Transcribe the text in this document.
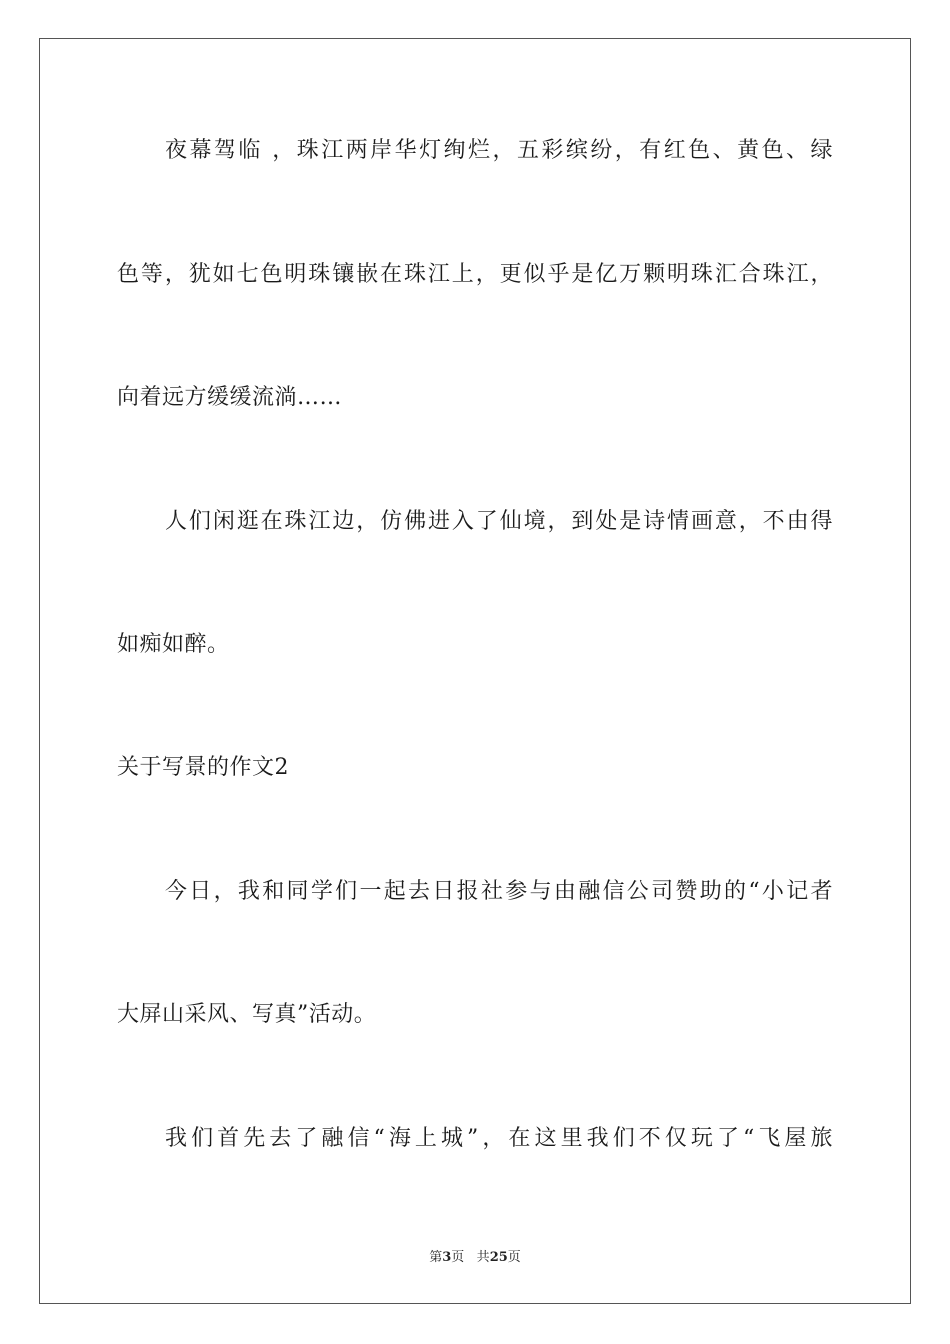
夜幕驾临 ，珠江两岸华灯绚烂，五彩缤纷，有红色、黄色、绿
色等，犹如七色明珠镶嵌在珠江上，更似乎是亿万颗明珠汇合珠江，
向着远方缓缓流淌……
人们闲逛在珠江边，仿佛进入了仙境，到处是诗情画意，不由得
如痴如醉。
关于写景的作文2
今日，我和同学们一起去日报社参与由融信公司赞助的“小记者
大屏山采风、写真”活动。
我们首先去了融信“海上城”，在这里我们不仅玩了“飞屋旅
第3页 共25页
